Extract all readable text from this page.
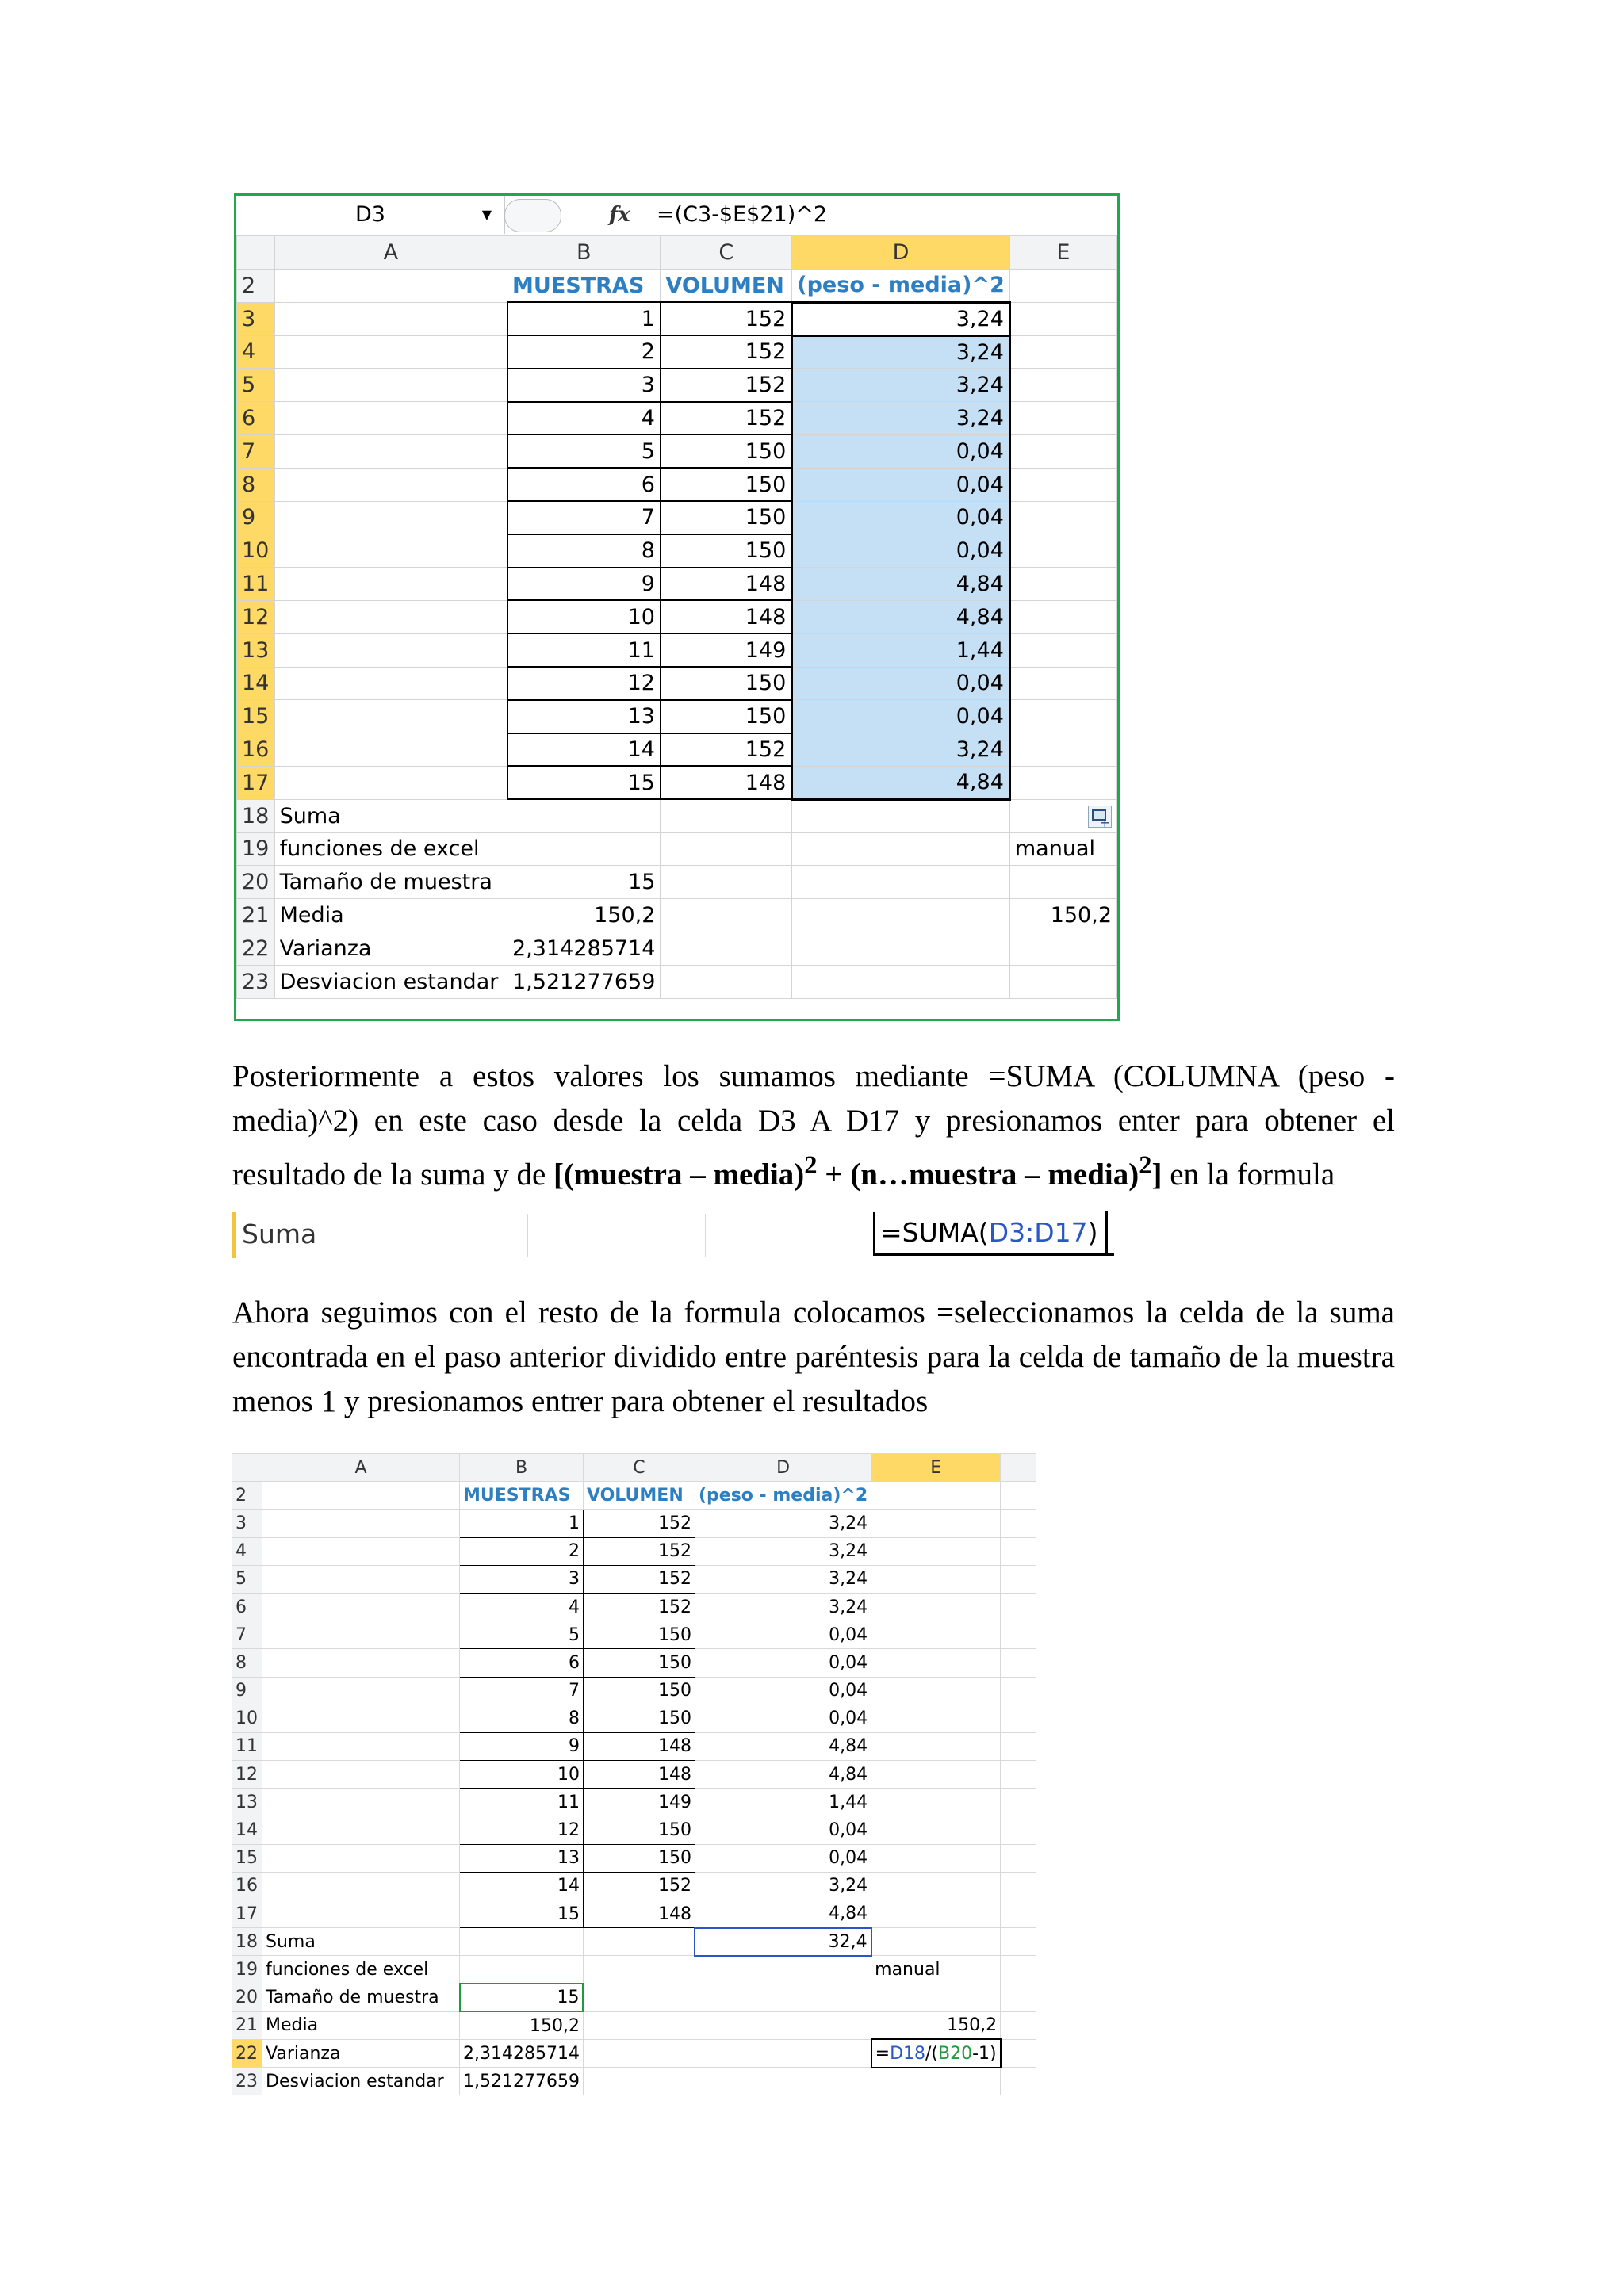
D3	▼	fx =(C3-$E$21)^2
	A	B	C	D	E
2		MUESTRAS	VOLUMEN	(peso - media)^2	
3		1	152	3,24	
4		2	152	3,24	
5		3	152	3,24	
6		4	152	3,24	
7		5	150	0,04	
8		6	150	0,04	
9		7	150	0,04	
10		8	150	0,04	
11		9	148	4,84	
12		10	148	4,84	
13		11	149	1,44	
14		12	150	0,04	
15		13	150	0,04	
16		14	152	3,24	
17		15	148	4,84	
18	Suma				+
19	funciones de excel				manual
20	Tamaño de muestra	15			
21	Media	150,2			150,2
22	Varianza	2,314285714			
23	Desviacion estandar	1,521277659			

Posteriormente a estos valores los sumamos mediante =SUMA (COLUMNA (peso - media)^2) en este caso desde la celda D3 A D17 y presionamos enter para obtener el resultado de la suma y de [(muestra – media)$^2$ + (n…muestra – media)$^2$] en la formula

Suma	=SUMA(D3:D17)

Ahora seguimos con el resto de la formula colocamos =seleccionamos la celda de la suma encontrada en el paso anterior dividido entre paréntesis para la celda de tamaño de la muestra menos 1 y presionamos entrer para obtener el resultados

	A	B	C	D	E	
2		MUESTRAS	VOLUMEN	(peso - media)^2		
3		1	152	3,24		
4		2	152	3,24		
5		3	152	3,24		
6		4	152	3,24		
7		5	150	0,04		
8		6	150	0,04		
9		7	150	0,04		
10		8	150	0,04		
11		9	148	4,84		
12		10	148	4,84		
13		11	149	1,44		
14		12	150	0,04		
15		13	150	0,04		
16		14	152	3,24		
17		15	148	4,84		
18	Suma			32,4		
19	funciones de excel				manual	
20	Tamaño de muestra	15				
21	Media	150,2			150,2	
22	Varianza	2,314285714			=D18/(B20-1)	
23	Desviacion estandar	1,521277659				
